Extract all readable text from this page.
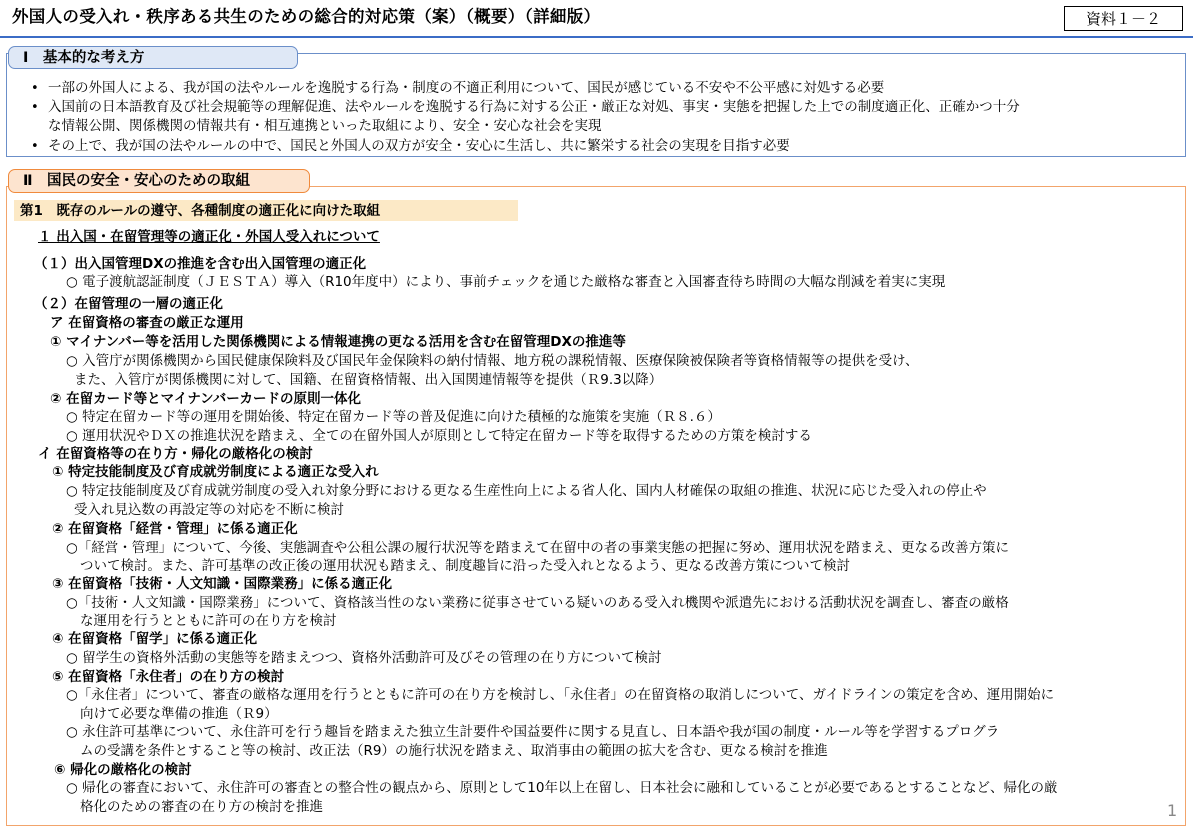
外国人の受入れ・秩序ある共生のための総合的対応策（案）（概要）（詳細版）	資料１－２
Ⅰ　基本的な考え方
• 一部の外国人による、我が国の法やルールを逸脱する行為・制度の不適正利用について、国民が感じている不安や不公平感に対処する必要
• 入国前の日本語教育及び社会規範等の理解促進、法やルールを逸脱する行為に対する公正・厳正な対処、事実・実態を把握した上での制度適正化、正確かつ十分
な情報公開、関係機関の情報共有・相互連携といった取組により、安全・安心な社会を実現
• その上で、我が国の法やルールの中で、国民と外国人の双方が安全・安心に生活し、共に繁栄する社会の実現を目指す必要
Ⅱ　国民の安全・安心のための取組
第1　既存のルールの遵守、各種制度の適正化に向けた取組
１ 出入国・在留管理等の適正化・外国人受入れについて
（１）出入国管理DXの推進を含む出入国管理の適正化
○ 電子渡航認証制度（ＪＥＳＴＡ）導入（R10年度中）により、事前チェックを通じた厳格な審査と入国審査待ち時間の大幅な削減を着実に実現
（２）在留管理の一層の適正化
ア 在留資格の審査の厳正な運用
① マイナンバー等を活用した関係機関による情報連携の更なる活用を含む在留管理DXの推進等
○ 入管庁が関係機関から国民健康保険料及び国民年金保険料の納付情報、地方税の課税情報、医療保険被保険者等資格情報等の提供を受け、
また、入管庁が関係機関に対して、国籍、在留資格情報、出入国関連情報等を提供（Ｒ9.3以降）
② 在留カード等とマイナンバーカードの原則一体化
○ 特定在留カード等の運用を開始後、特定在留カード等の普及促進に向けた積極的な施策を実施（Ｒ８.６）
○ 運用状況やＤＸの推進状況を踏まえ、全ての在留外国人が原則として特定在留カード等を取得するための方策を検討する
イ 在留資格等の在り方・帰化の厳格化の検討
① 特定技能制度及び育成就労制度による適正な受入れ
○ 特定技能制度及び育成就労制度の受入れ対象分野における更なる生産性向上による省人化、国内人材確保の取組の推進、状況に応じた受入れの停止や
受入れ見込数の再設定等の対応を不断に検討
② 在留資格「経営・管理」に係る適正化
○「経営・管理」について、今後、実態調査や公租公課の履行状況等を踏まえて在留中の者の事業実態の把握に努め、運用状況を踏まえ、更なる改善方策に
ついて検討。また、許可基準の改正後の運用状況も踏まえ、制度趣旨に沿った受入れとなるよう、更なる改善方策について検討
③ 在留資格「技術・人文知識・国際業務」に係る適正化
○「技術・人文知識・国際業務」について、資格該当性のない業務に従事させている疑いのある受入れ機関や派遣先における活動状況を調査し、審査の厳格
な運用を行うとともに許可の在り方を検討
④ 在留資格「留学」に係る適正化
○ 留学生の資格外活動の実態等を踏まえつつ、資格外活動許可及びその管理の在り方について検討
⑤ 在留資格「永住者」の在り方の検討
○「永住者」について、審査の厳格な運用を行うとともに許可の在り方を検討し、「永住者」の在留資格の取消しについて、ガイドラインの策定を含め、運用開始に
向けて必要な準備の推進（Ｒ9）
○ 永住許可基準について、永住許可を行う趣旨を踏まえた独立生計要件や国益要件に関する見直し、日本語や我が国の制度・ルール等を学習するプログラ
ムの受講を条件とすること等の検討、改正法（R9）の施行状況を踏まえ、取消事由の範囲の拡大を含む、更なる検討を推進
⑥ 帰化の厳格化の検討
○ 帰化の審査において、永住許可の審査との整合性の観点から、原則として10年以上在留し、日本社会に融和していることが必要であるとすることなど、帰化の厳
格化のための審査の在り方の検討を推進	1
